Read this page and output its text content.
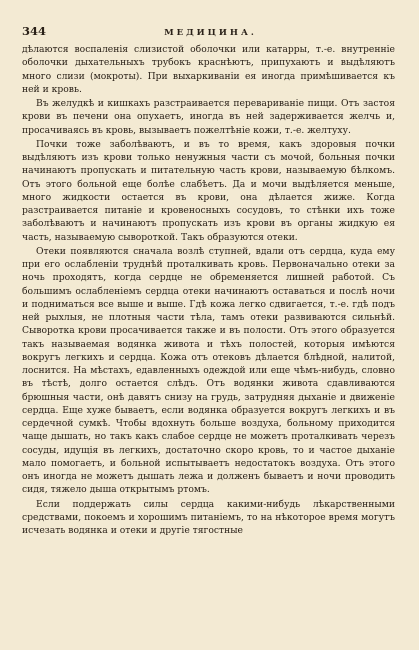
344	МЕДИЦИНА.

дѣлаются воспаленія слизистой оболочки или катарры, т.-е. внутренніе оболочки дыхательныхъ трубокъ краснѣютъ, припухаютъ и выдѣляютъ много слизи (мокроты). При выхаркиваніи ея иногда примѣшивается къ ней и кровь.

Въ желудкѣ и кишкахъ разстраивается перевариваніе пищи. Отъ застоя крови въ печени она опухаетъ, иногда въ ней задерживается желчь и, просачиваясь въ кровь, вызываетъ пожелтѣніе кожи, т.-е. желтуху.

Почки тоже заболѣваютъ, и въ то время, какъ здоровыя почки выдѣляютъ изъ крови только ненужныя части съ мочой, больныя почки начинаютъ пропускать и питательную часть крови, называемую бѣлкомъ. Отъ этого больной еще болѣе слабѣетъ. Да и мочи выдѣляется меньше, много жидкости остается въ крови, она дѣлается жиже. Когда разстраивается питаніе и кровеносныхъ сосудовъ, то стѣнки ихъ тоже заболѣваютъ и начинаютъ пропускать изъ крови въ органы жидкую ея часть, называемую сывороткой. Такъ образуются отеки.

Отеки появляются сначала возлѣ ступней, вдали отъ сердца, куда ему при его ослабленіи труднѣй проталкивать кровь. Первоначально отеки за ночь проходятъ, когда сердце не обременяется лишней работой. Съ большимъ ослабленіемъ сердца отеки начинаютъ оставаться и послѣ ночи и подниматься все выше и выше. Гдѣ кожа легко сдвигается, т.-е. гдѣ подъ ней рыхлыя, не плотныя части тѣла, тамъ отеки развиваются сильнѣй. Сыворотка крови просачивается также и въ полости. Отъ этого образуется такъ называемая водянка живота и тѣхъ полостей, которыя имѣются вокругъ легкихъ и сердца. Кожа отъ отековъ дѣлается блѣдной, налитой, лоснится. На мѣстахъ, едавленныхъ одеждой или еще чѣмъ-нибудь, словно въ тѣстѣ, долго остается слѣдъ. Отъ водянки живота сдавливаются брюшныя части, онѣ давятъ снизу на грудь, затрудняя дыханіе и движеніе сердца. Еще хуже бываетъ, если водянка образуется вокругъ легкихъ и въ сердечной сумкѣ. Чтобы вдохнуть больше воздуха, больному приходится чаще дышать, но такъ какъ слабое сердце не можетъ проталкивать черезъ сосуды, идущія въ легкихъ, достаточно скоро кровь, то и частое дыханіе мало помогаетъ, и больной испытываетъ недостатокъ воздуха. Отъ этого онъ иногда не можетъ дышать лежа и долженъ бываетъ и ночи проводить сидя, тяжело дыша открытымъ ртомъ.

Если поддержать силы сердца какими-нибудь лѣкарственными средствами, покоемъ и хорошимъ питаніемъ, то на нѣкоторое время могутъ исчезать водянка и отеки и другіе тягостные
